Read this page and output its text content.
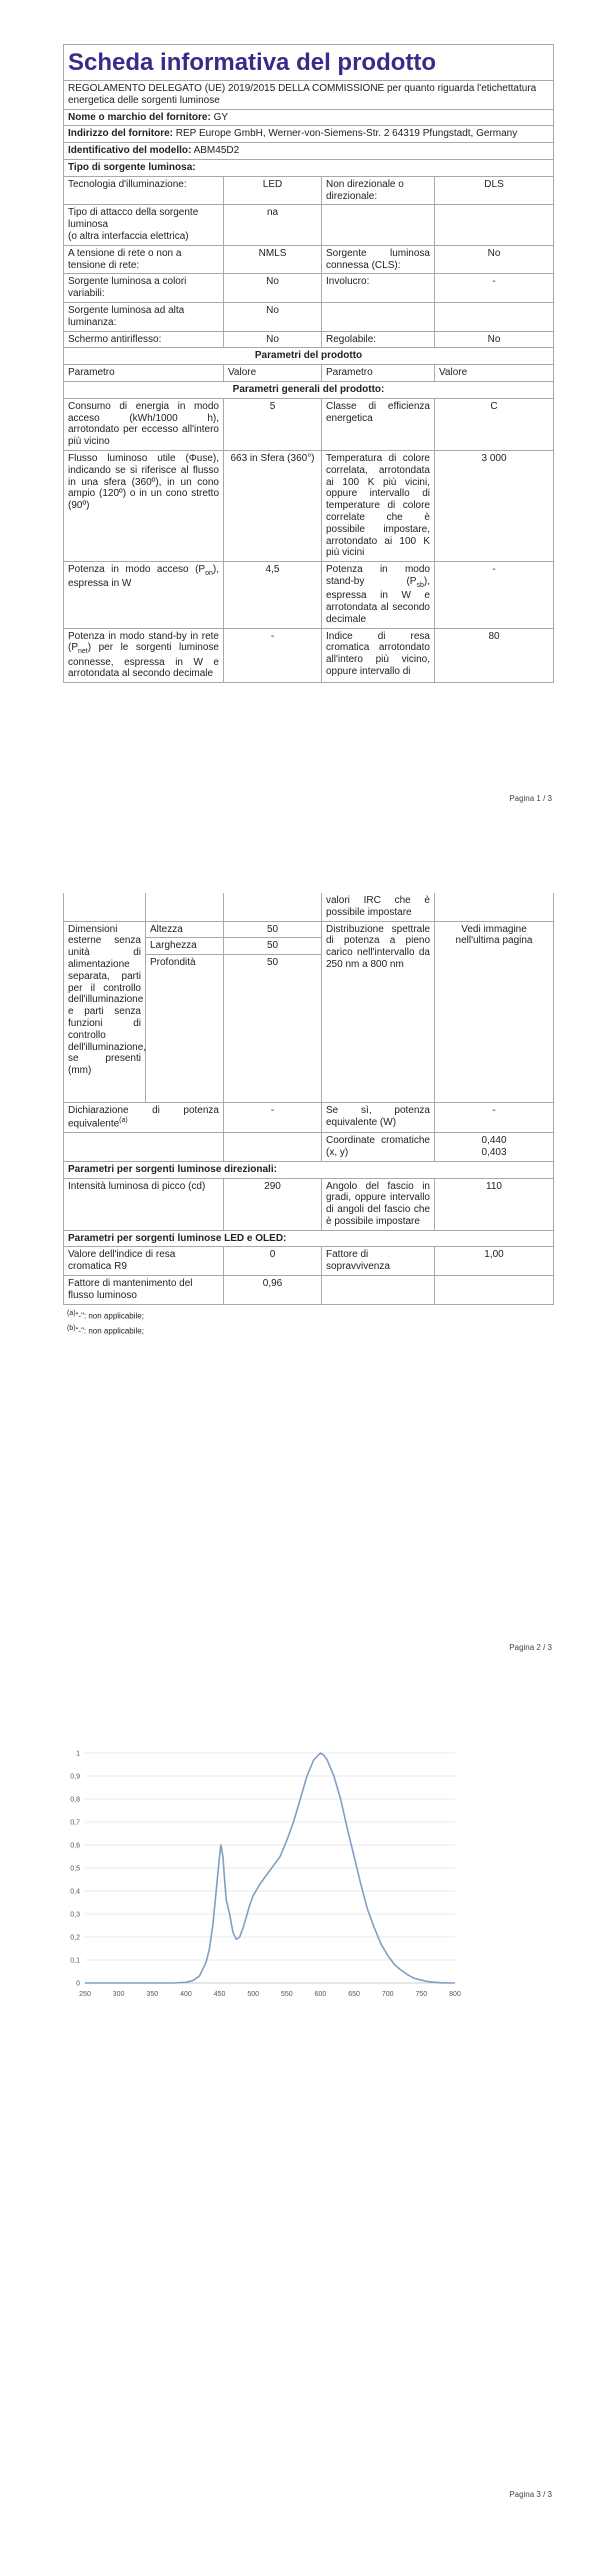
Scheda informativa del prodotto			
REGOLAMENTO DELEGATO (UE) 2019/2015 DELLA COMMISSIONE per quanto riguarda l'etichettatura energetica delle sorgenti luminose			
Nome o marchio del fornitore: GY			
Indirizzo del fornitore: REP Europe GmbH, Werner-von-Siemens-Str. 2 64319 Pfungstadt, Germany			
Identificativo del modello: ABM45D2			
Tipo di sorgente luminosa:			
Tecnologia d'illuminazione:	LED	Non direzionale o direzionale:	DLS

Tipo di attacco della sorgente luminosa
(o altra interfaccia elettrica)	na		
A tensione di rete o non a tensione di rete:	NMLS	Sorgente luminosa connessa (CLS):	No
Sorgente luminosa a colori variabili:	No	Involucro:	-
Sorgente luminosa ad alta luminanza:	No		
Schermo antiriflesso:	No	Regolabile:	No
Parametri del prodotto			
Parametro	Valore	Parametro	Valore
Parametri generali del prodotto:			
Consumo di energia in modo acceso (kWh/1000 h), arrotondato per eccesso all'intero più vicino	5	Classe di efficienza energetica	C
Flusso luminoso utile (Φuse), indicando se si riferisce al flusso in una sfera (360º), in un cono ampio (120º) o in un cono stretto (90º)	663 in Sfera (360°)	Temperatura di colore correlata, arrotondata ai 100 K più vicini, oppure intervallo di temperature di colore correlate che è possibile impostare, arrotondato ai 100 K più vicini	3 000
Potenza in modo acceso $(P_{on})$, espressa in W	4,5	Potenza in modo stand-by $(P_{sb})$, espressa in W e arrotondata al secondo decimale	-
Potenza in modo stand-by in rete $(P_{net})$ per le sorgenti luminose connesse, espressa in W e arrotondata al secondo decimale	-	Indice di resa cromatica arrotondato all'intero più vicino, oppure intervallo di	80
Pagina 1 / 3
			valori IRC che è possibile impostare	
Dimensioni esterne senza unità di alimentazione separata, parti per il controllo dell'illuminazione e parti senza funzioni di controllo dell'illuminazione, se presenti (mm)	Altezza	50	Distribuzione spettrale di potenza a pieno carico nell'intervallo da 250 nm a 800 nm	Vedi immagine nell'ultima pagina
	Larghezza	50		
	Profondità	50		
Dichiarazione di potenza equivalente$^{(a)}$		-	Se sì, potenza equivalente (W)	-
			Coordinate cromatiche (x, y)	0,440
0,403

Parametri per sorgenti luminose direzionali:				
Intensità luminosa di picco (cd)		290	Angolo del fascio in gradi, oppure intervallo di angoli del fascio che è possibile impostare	110
Parametri per sorgenti luminose LED e OLED:				
Valore dell'indice di resa cromatica R9		0	Fattore di sopravvivenza	1,00
Fattore di mantenimento del flusso luminoso		0,96		
$^{(a)}$"-": non applicabile;
$^{(b)}$"-": non applicabile;
Pagina 2 / 3
0
0,1
0,2
0,3
0,4
0,5
0,6
0,7
0,8
0,9
1
250	300	350	400	450	500	550	600	650	700	750	800
Pagina 3 / 3
